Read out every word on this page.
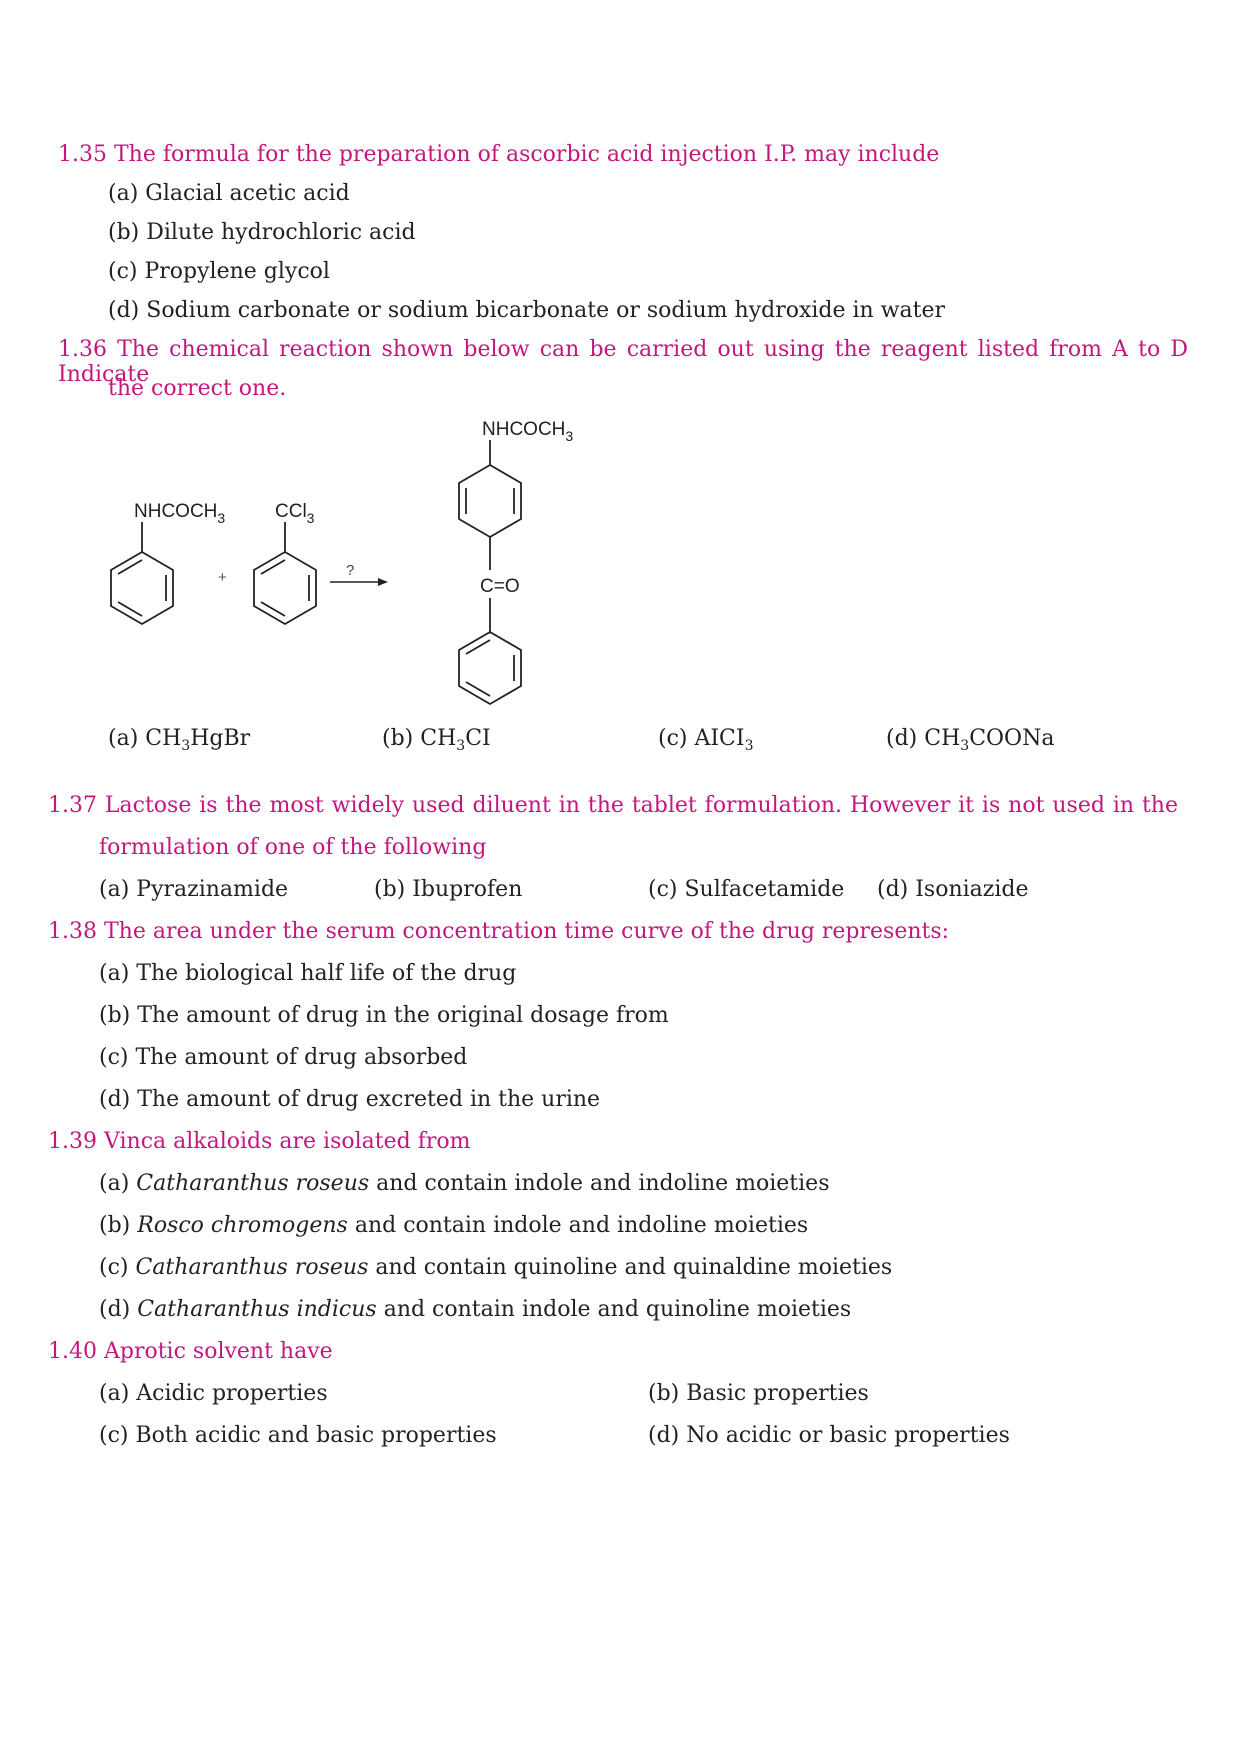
1.35 The formula for the preparation of ascorbic acid injection I.P. may include
(a) Glacial acetic acid
(b) Dilute hydrochloric acid
(c) Propylene glycol
(d) Sodium carbonate or sodium bicarbonate or sodium hydroxide in water
1.36 The chemical reaction shown below can be carried out using the reagent listed from A to D Indicate
the correct one.
$NHCOCH_3$
+
CCl$_3$
?
$NHCOCH_3$
C=O
(a) $CH_3HgBr$	(b) $CH_3CI$	(c) $AICI_3$	(d) $CH_3COONa$
1.37 Lactose is the most widely used diluent in the tablet formulation. However it is not used in the
formulation of one of the following
(a) Pyrazinamide	(b) Ibuprofen	(c) Sulfacetamide (d) Isoniazide
1.38 The area under the serum concentration time curve of the drug represents:
(a) The biological half life of the drug
(b) The amount of drug in the original dosage from
(c) The amount of drug absorbed
(d) The amount of drug excreted in the urine
1.39 Vinca alkaloids are isolated from
(a) Catharanthus roseus and contain indole and indoline moieties
(b) Rosco chromogens and contain indole and indoline moieties
(c) Catharanthus roseus and contain quinoline and quinaldine moieties
(d) Catharanthus indicus and contain indole and quinoline moieties
1.40 Aprotic solvent have
(a) Acidic properties	(b) Basic properties
(c) Both acidic and basic properties	(d) No acidic or basic properties
